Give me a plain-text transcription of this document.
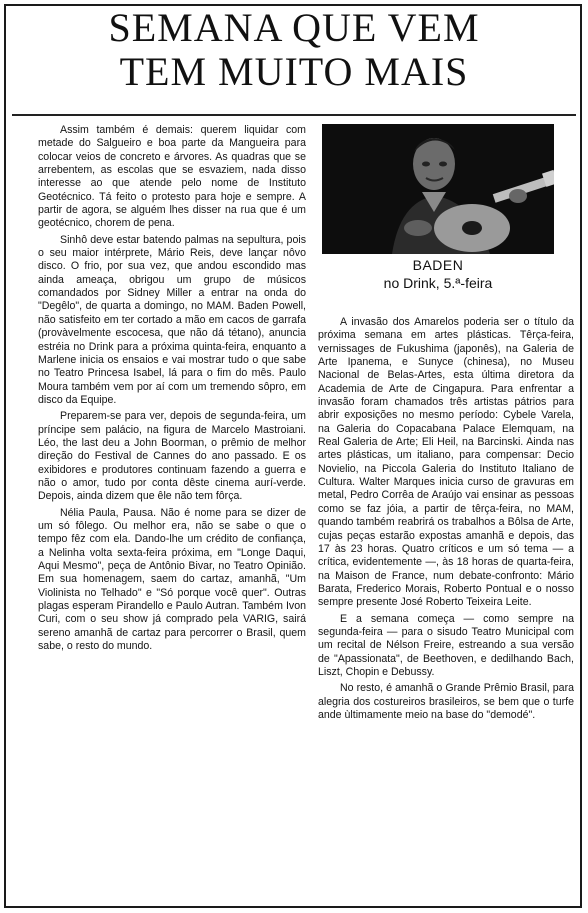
SEMANA QUE VEM
TEM MUITO MAIS

Assim também é demais: querem liquidar com metade do Salgueiro e boa parte da Mangueira para colocar veios de concreto e árvores. As quadras que se arrebentem, as escolas que se esvaziem, nada disso interesse ao que atende pelo nome de Instituto Geotécnico. Tá feito o protesto para hoje e sempre. A partir de agora, se alguém lhes disser na rua que é um geotécnico, chorem de pena.

Sinhô deve estar batendo palmas na sepultura, pois o seu maior intérprete, Mário Reis, deve lançar nôvo disco. O frio, por sua vez, que andou escondido mas ainda ameaça, obrigou um grupo de músicos comandados por Sidney Miller a entrar na onda do "Degêlo", de quarta a domingo, no MAM. Baden Powell, não satisfeito em ter cortado a mão em cacos de garrafa (provàvelmente escocesa, que não dá tétano), anuncia estréia no Drink para a próxima quinta-feira, enquanto a Marlene inicia os ensaios e vai mostrar tudo o que sabe no Teatro Princesa Isabel, lá para o fim do mês. Paulo Moura também vem por aí com um tremendo sôpro, em disco da Equipe.

Preparem-se para ver, depois de segunda-feira, um príncipe sem palácio, na figura de Marcelo Mastroiani. Léo, the last deu a John Boorman, o prêmio de melhor direção do Festival de Cannes do ano passado. E os exibidores e produtores continuam fazendo a guerra e não o amor, tudo por conta dêste cinema aurí-verde. Depois, ainda dizem que êle não tem fôrça.

Nélia Paula, Pausa. Não é nome para se dizer de um só fôlego. Ou melhor era, não se sabe o que o tempo fêz com ela. Dando-lhe um crédito de confiança, a Nelinha volta sexta-feira próxima, em "Longe Daqui, Aqui Mesmo", peça de Antônio Bivar, no Teatro Opinião. Em sua homenagem, saem do cartaz, amanhã, "Um Violinista no Telhado" e "Só porque você quer". Outras plagas esperam Pirandello e Paulo Autran. Também Ivon Curi, com o seu show já comprado pela VARIG, sairá sereno amanhã de cartaz para percorrer o Brasil, quem sabe, o resto do mundo.

BADEN
no Drink, 5.ª-feira

A invasão dos Amarelos poderia ser o título da próxima semana em artes plásticas. Têrça-feira, vernissages de Fukushima (japonês), na Galeria de Arte Ipanema, e Sunyce (chinesa), no Museu Nacional de Belas-Artes, esta última diretora da Academia de Arte de Cingapura. Para enfrentar a invasão foram chamados três artistas pátrios para abrir exposições no mesmo período: Cybele Varela, na Galeria do Copacabana Palace Elemquam, na Real Galeria de Arte; Eli Heil, na Barcinski. Ainda nas artes plásticas, um italiano, para compensar: Decio Novielio, na Piccola Galeria do Instituto Italiano de Cultura. Walter Marques inicia curso de gravuras em metal, Pedro Corrêa de Araújo vai ensinar as pessoas como se faz jóia, a partir de têrça-feira, no MAM, quando também reabrirá os trabalhos a Bôlsa de Arte, cujas peças estarão expostas amanhã e depois, das 17 às 23 horas. Quatro críticos e um só tema — a crítica, evidentemente —, às 18 horas de quarta-feira, na Maison de France, num debate-confronto: Mário Barata, Frederico Morais, Roberto Pontual e o nosso sempre presente José Roberto Teixeira Leite.

E a semana começa — como sempre na segunda-feira — para o sisudo Teatro Municipal com um recital de Nélson Freire, estreando a sua versão de "Apassionata", de Beethoven, e dedilhando Bach, Liszt, Chopin e Debussy.

No resto, é amanhã o Grande Prêmio Brasil, para alegria dos costureiros brasileiros, se bem que o turfe ande ùltimamente meio na base do "demodé".
